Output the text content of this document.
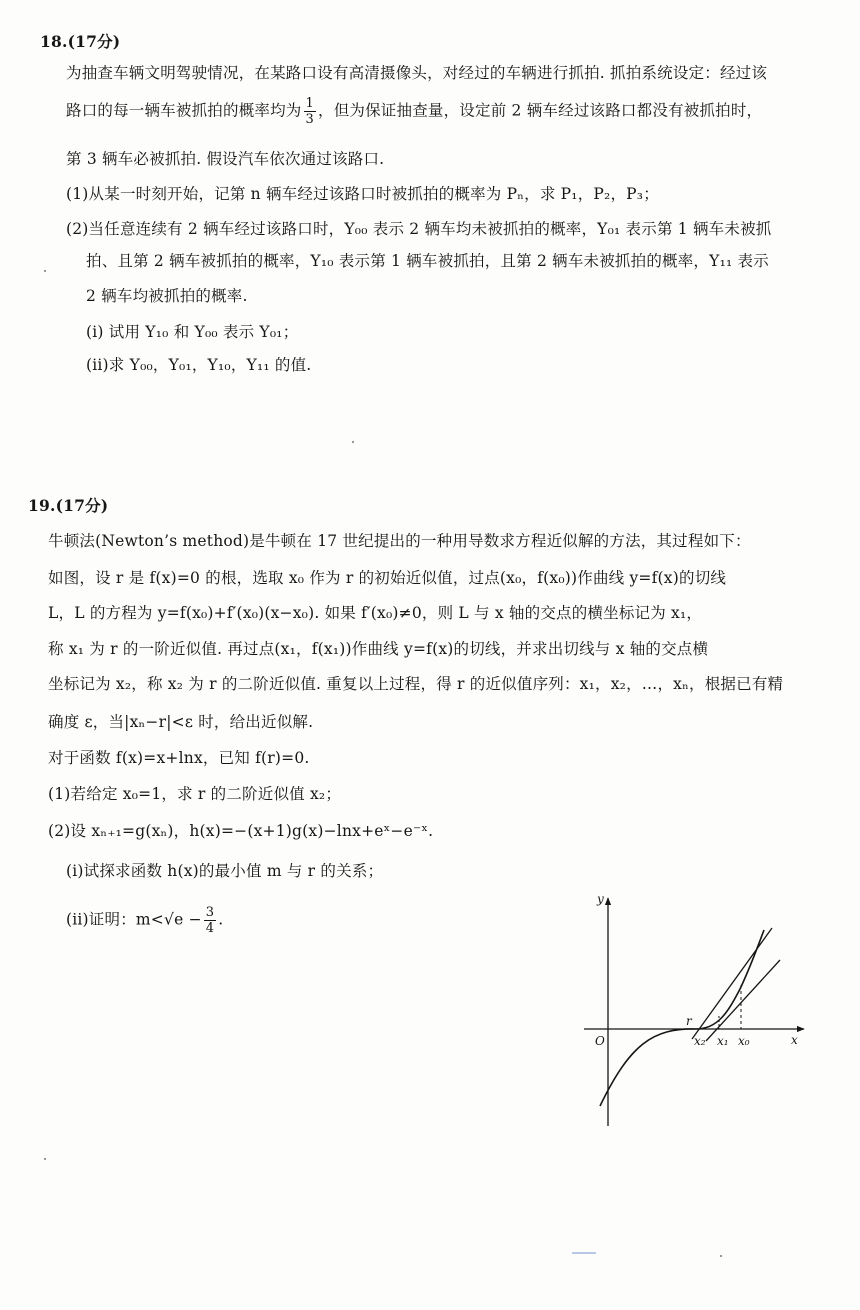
18.(17分)
为抽查车辆文明驾驶情况，在某路口设有高清摄像头，对经过的车辆进行抓拍. 抓拍系统设定：经过该
路口的每一辆车被抓拍的概率均为 $\frac{1}{3}$ ，但为保证抽查量，设定前 2 辆车经过该路口都没有被抓拍时，
第 3 辆车必被抓拍. 假设汽车依次通过该路口.
(1)从某一时刻开始，记第 n 辆车经过该路口时被抓拍的概率为 Pₙ，求 P₁，P₂，P₃；
(2)当任意连续有 2 辆车经过该路口时，Y₀₀ 表示 2 辆车均未被抓拍的概率，Y₀₁ 表示第 1 辆车未被抓
拍、且第 2 辆车被抓拍的概率，Y₁₀ 表示第 1 辆车被抓拍，且第 2 辆车未被抓拍的概率，Y₁₁ 表示
2 辆车均被抓拍的概率.
(i) 试用 Y₁₀ 和 Y₀₀ 表示 Y₀₁；
(ii)求 Y₀₀，Y₀₁，Y₁₀，Y₁₁ 的值.
19.(17分)
牛顿法(Newton’s method)是牛顿在 17 世纪提出的一种用导数求方程近似解的方法，其过程如下：
如图，设 r 是 f(x)=0 的根，选取 x₀ 作为 r 的初始近似值，过点(x₀，f(x₀))作曲线 y=f(x)的切线
L，L 的方程为 y=f(x₀)+f′(x₀)(x−x₀). 如果 f′(x₀)≠0，则 L 与 x 轴的交点的横坐标记为 x₁，
称 x₁ 为 r 的一阶近似值. 再过点(x₁，f(x₁))作曲线 y=f(x)的切线，并求出切线与 x 轴的交点横
坐标记为 x₂，称 x₂ 为 r 的二阶近似值. 重复以上过程，得 r 的近似值序列：x₁，x₂，…，xₙ，根据已有精
确度 ε，当|xₙ−r|<ε 时，给出近似解.
对于函数 f(x)=x+lnx，已知 f(r)=0.
(1)若给定 x₀=1，求 r 的二阶近似值 x₂；
(2)设 xₙ₊₁=g(xₙ)，h(x)=−(x+1)g(x)−lnx+eˣ−e⁻ˣ.
(i)试探求函数 h(x)的最小值 m 与 r 的关系；
(ii)证明：$m<√e - \frac{3}{4}$ .
y
x
O
r
x₂ x₁ x₀
